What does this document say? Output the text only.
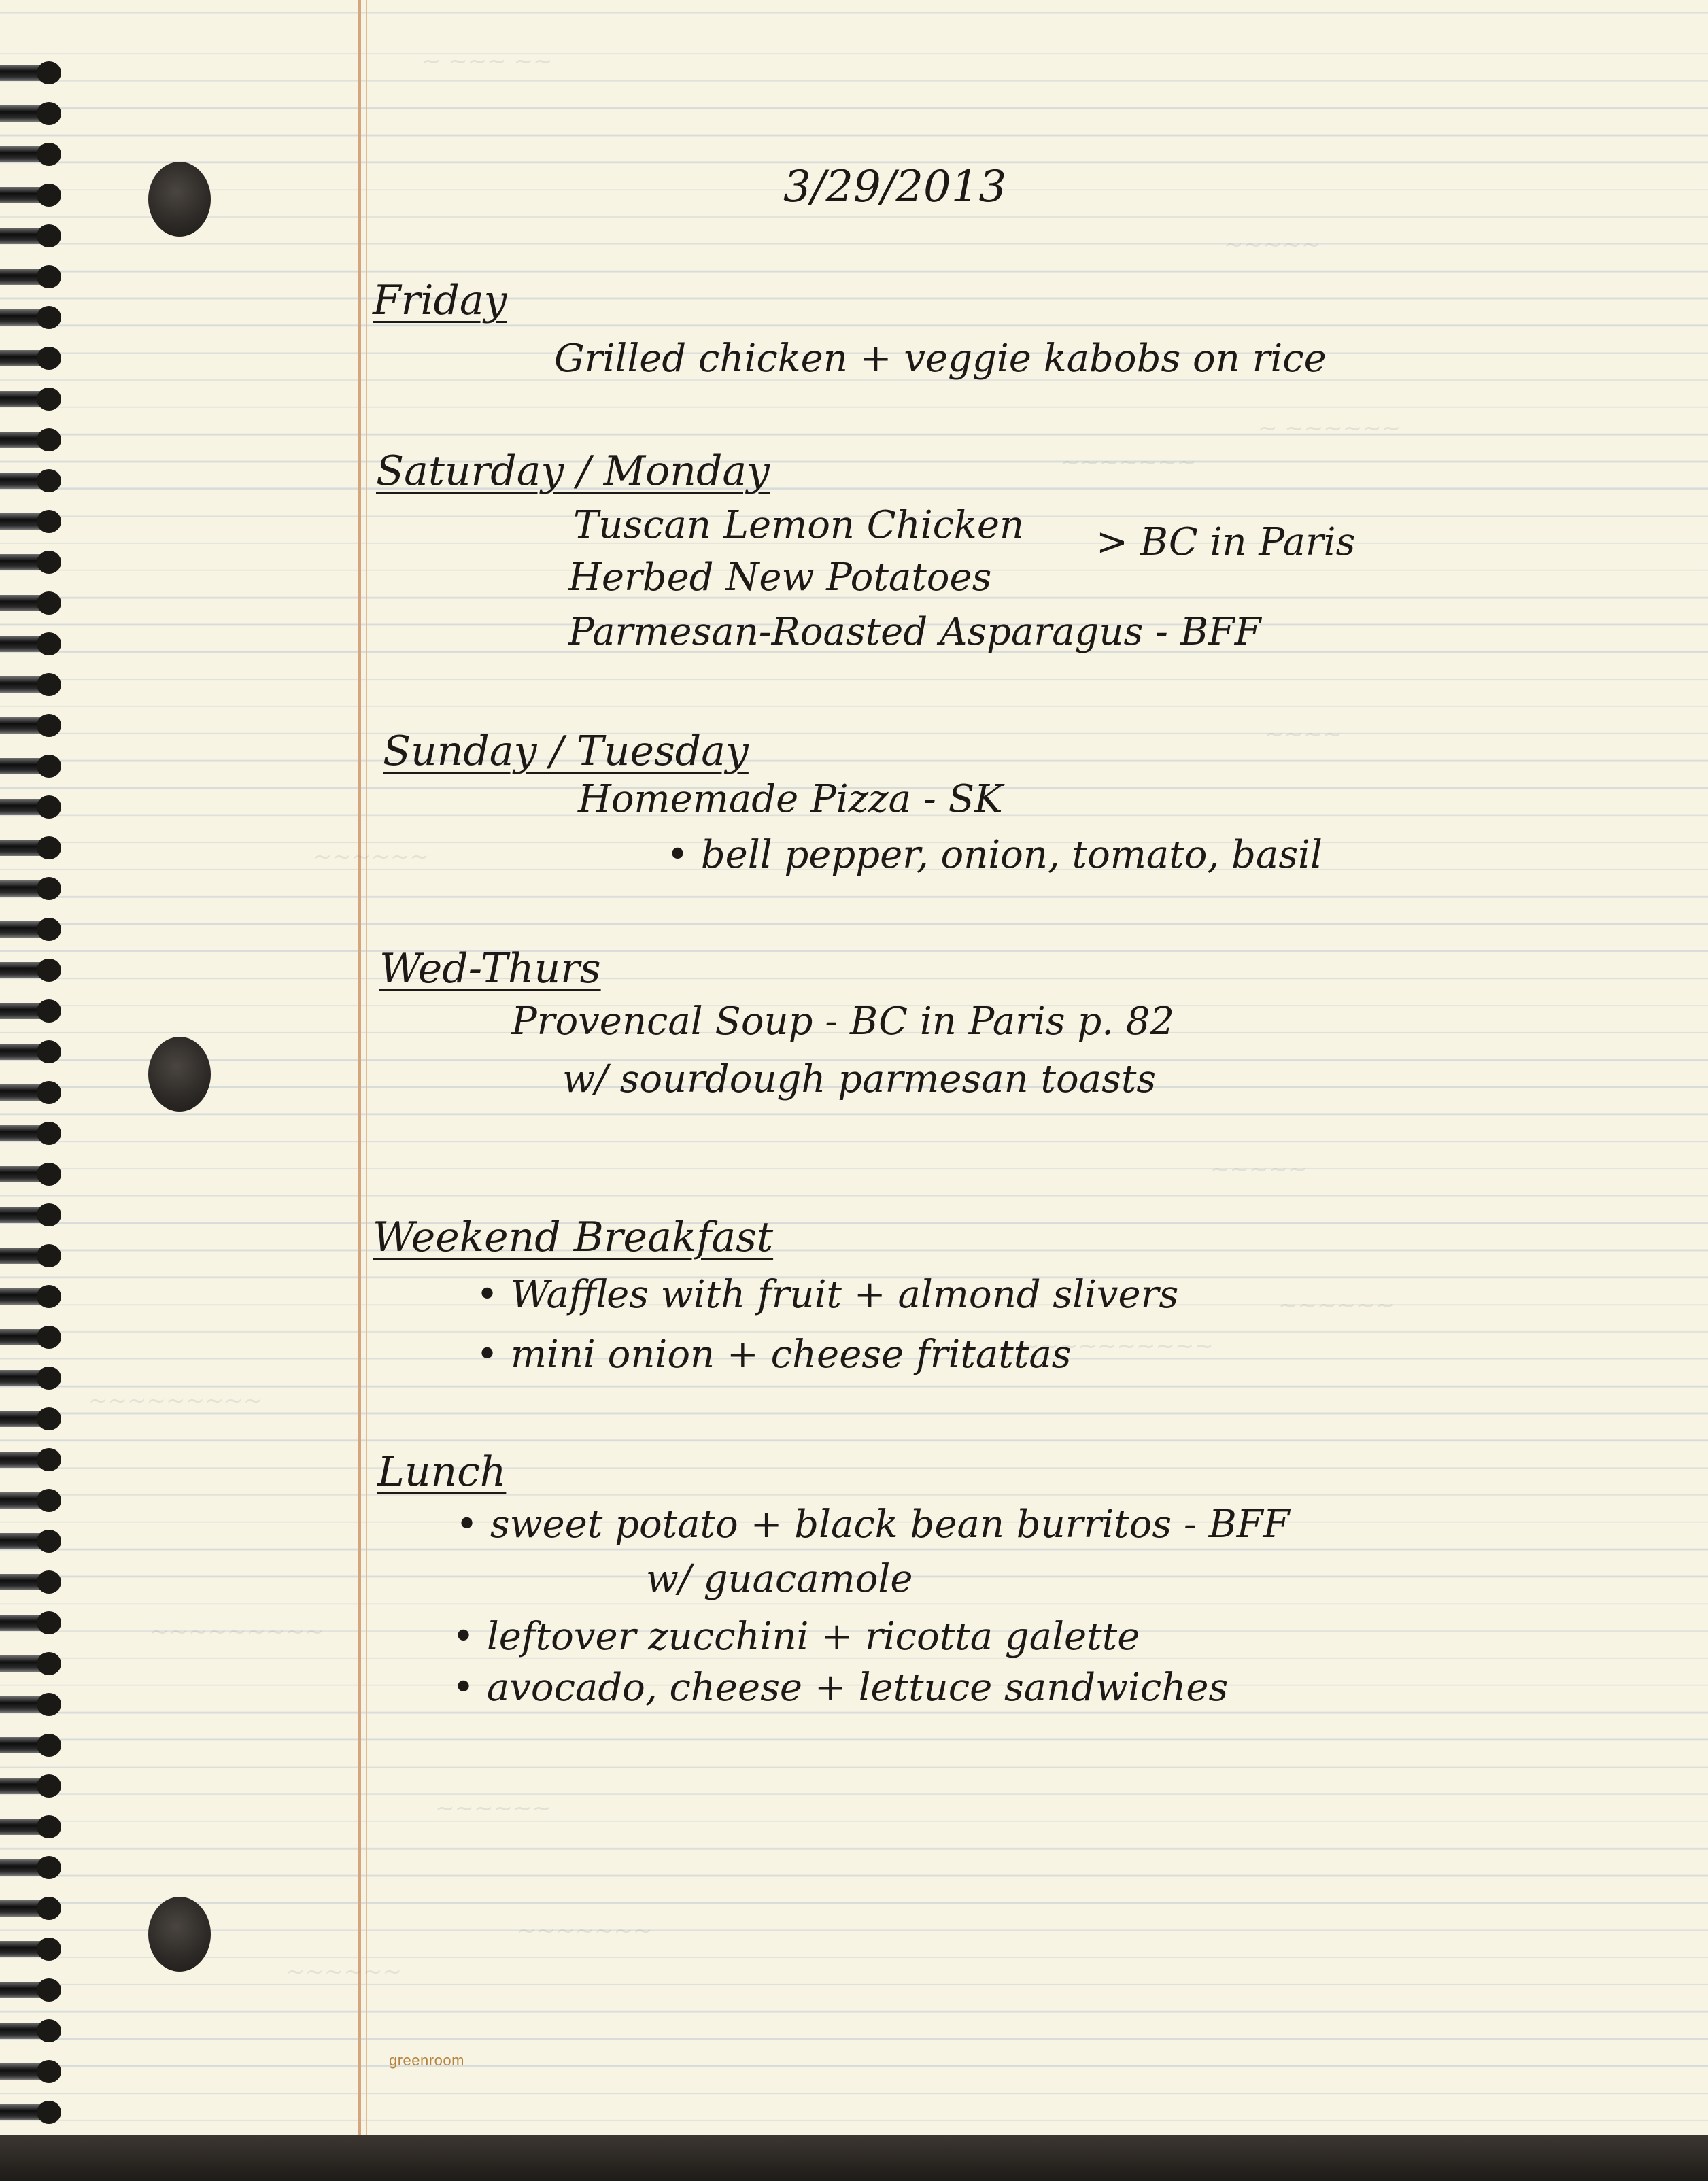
~ ~~~ ~~
~~~~~
~ ~~~~~~
~~~~~~~
~~~~
~~~~~~
~~~~~
~~~~~~
~~~~~~~~~
~~~~~~~~~~
~~~~~~~~~
~~~~~~
~~~~~~~
~~~~~~
3/29/2013
Friday
Grilled chicken + veggie kabobs on rice
Saturday / Monday
Tuscan Lemon Chicken
Herbed New Potatoes
> BC in Paris
Parmesan-Roasted Asparagus - BFF
Sunday / Tuesday
Homemade Pizza - SK
• bell pepper, onion, tomato, basil
Wed-Thurs
Provencal Soup - BC in Paris p. 82
w/ sourdough parmesan toasts
Weekend Breakfast
• Waffles with fruit + almond slivers
• mini onion + cheese fritattas
Lunch
• sweet potato + black bean burritos - BFF
w/ guacamole
• leftover zucchini + ricotta galette
• avocado, cheese + lettuce sandwiches
greenroom
